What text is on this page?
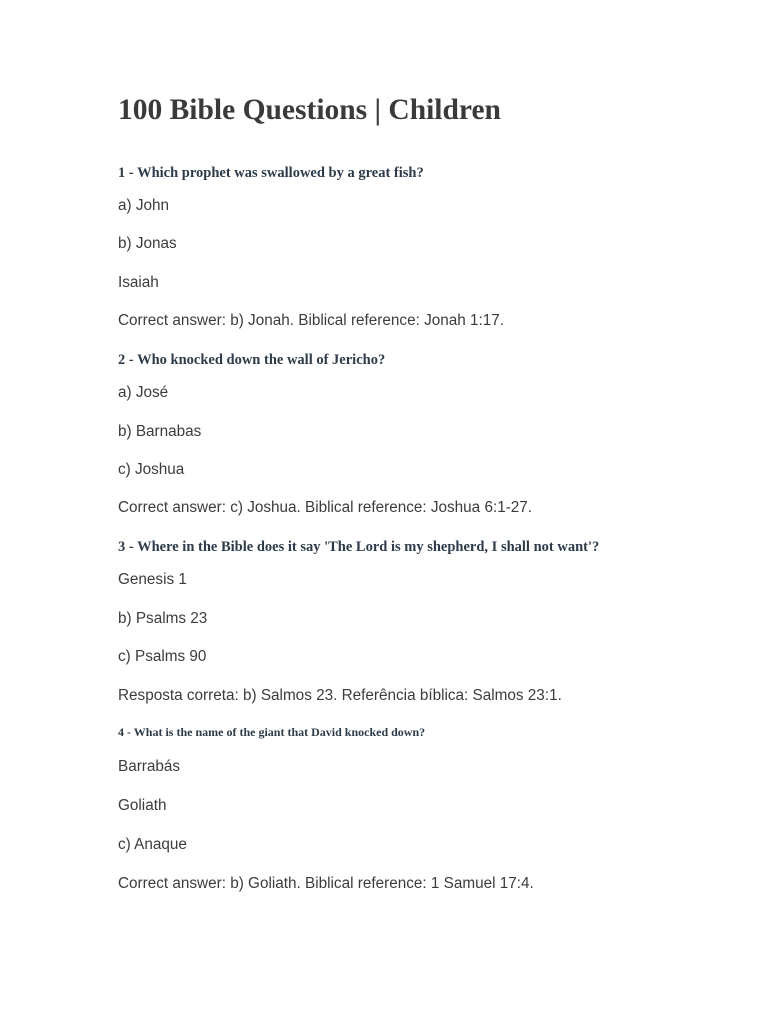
100 Bible Questions | Children

1 - Which prophet was swallowed by a great fish?

a) John

b) Jonas

Isaiah

Correct answer: b) Jonah. Biblical reference: Jonah 1:17.

2 - Who knocked down the wall of Jericho?

a) José

b) Barnabas

c) Joshua

Correct answer: c) Joshua. Biblical reference: Joshua 6:1-27.

3 - Where in the Bible does it say 'The Lord is my shepherd, I shall not want'?

Genesis 1

b) Psalms 23

c) Psalms 90

Resposta correta: b) Salmos 23. Referência bíblica: Salmos 23:1.

4 - What is the name of the giant that David knocked down?

Barrabás

Goliath

c) Anaque

Correct answer: b) Goliath. Biblical reference: 1 Samuel 17:4.
